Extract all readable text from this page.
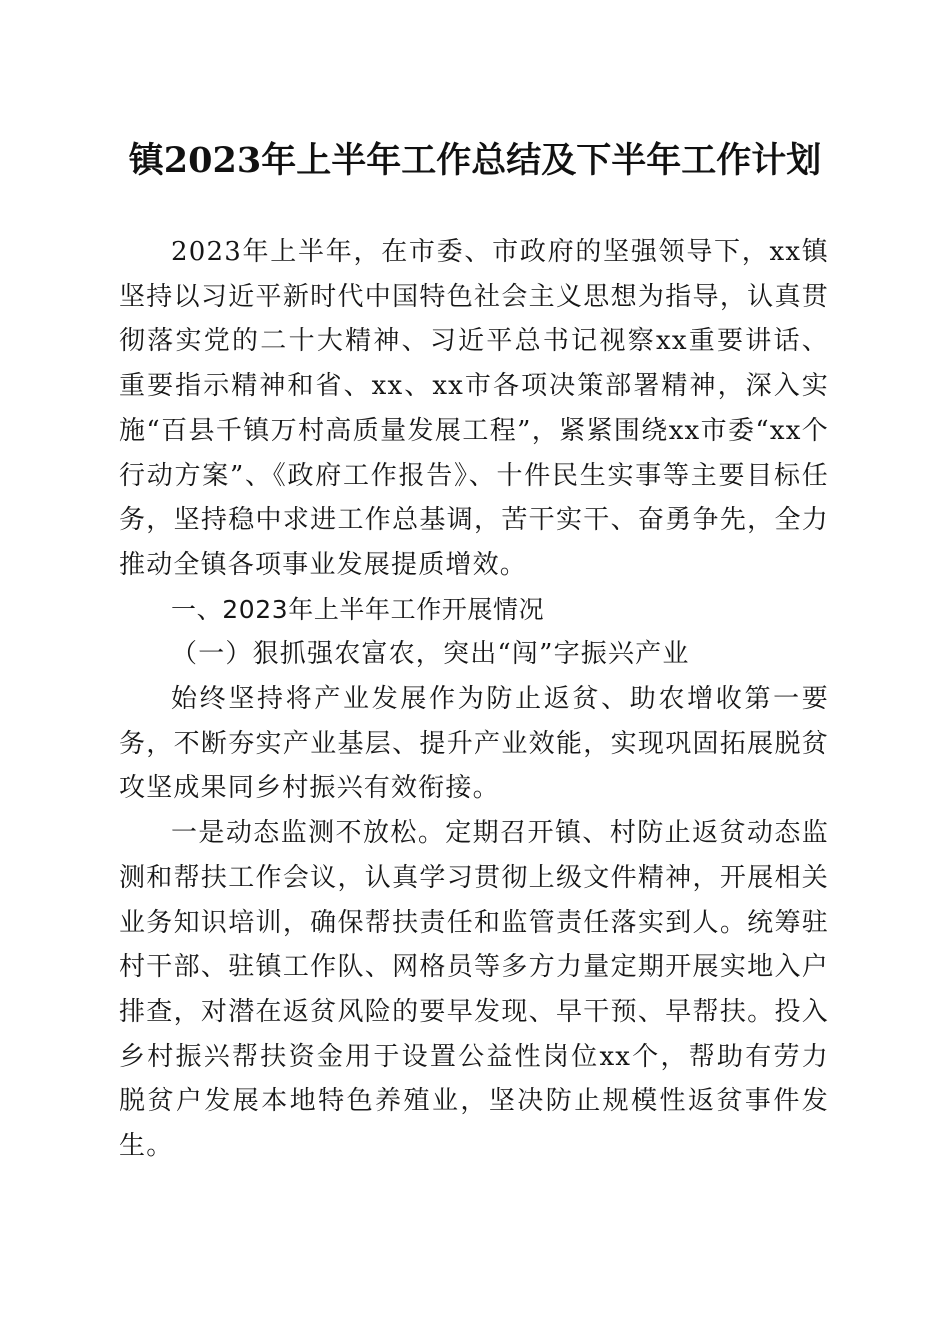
镇2023年上半年工作总结及下半年工作计划

2023年上半年，在市委、市政府的坚强领导下，xx镇坚持以习近平新时代中国特色社会主义思想为指导，认真贯彻落实党的二十大精神、习近平总书记视察xx重要讲话、重要指示精神和省、xx、xx市各项决策部署精神，深入实施“百县千镇万村高质量发展工程”，紧紧围绕xx市委“xx个行动方案”、《政府工作报告》、十件民生实事等主要目标任务，坚持稳中求进工作总基调，苦干实干、奋勇争先，全力推动全镇各项事业发展提质增效。

一、2023年上半年工作开展情况

（一）狠抓强农富农，突出“闯”字振兴产业

始终坚持将产业发展作为防止返贫、助农增收第一要务，不断夯实产业基层、提升产业效能，实现巩固拓展脱贫攻坚成果同乡村振兴有效衔接。

一是动态监测不放松。定期召开镇、村防止返贫动态监测和帮扶工作会议，认真学习贯彻上级文件精神，开展相关业务知识培训，确保帮扶责任和监管责任落实到人。统筹驻村干部、驻镇工作队、网格员等多方力量定期开展实地入户排查，对潜在返贫风险的要早发现、早干预、早帮扶。投入乡村振兴帮扶资金用于设置公益性岗位xx个，帮助有劳力脱贫户发展本地特色养殖业，坚决防止规模性返贫事件发生。
